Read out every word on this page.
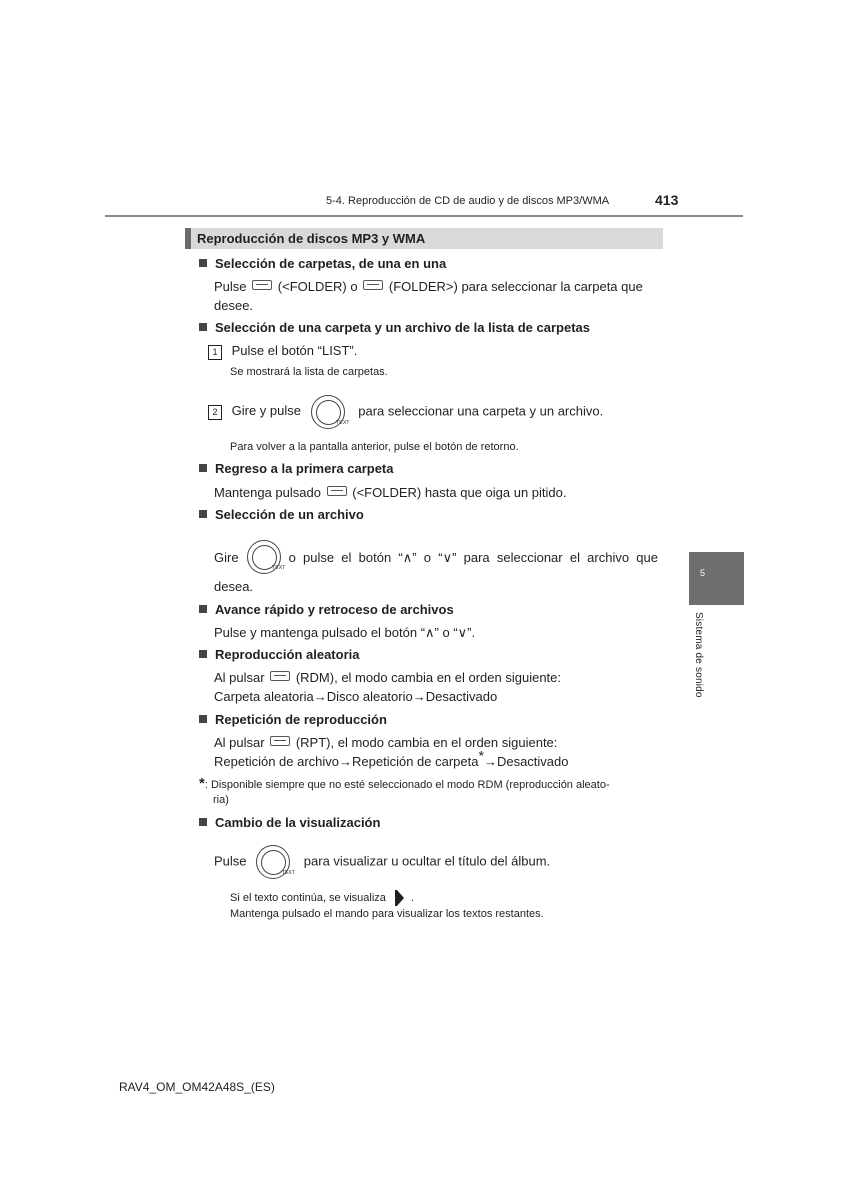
5-4. Reproducción de CD de audio y de discos MP3/WMA	413
Reproducción de discos MP3 y WMA
Selección de carpetas, de una en una
Pulse (<FOLDER) o (FOLDER>) para seleccionar la carpeta que
desee.
Selección de una carpeta y un archivo de la lista de carpetas
1 Pulse el botón “LIST”.
Se mostrará la lista de carpetas.
2 Gire y pulse
TEXT
para seleccionar una carpeta y un archivo.
Para volver a la pantalla anterior, pulse el botón de retorno.
Regreso a la primera carpeta
Mantenga pulsado (<FOLDER) hasta que oiga un pitido.
Selección de un archivo
Gire
TEXT
o pulse el botón “∧” o “∨” para seleccionar el archivo que
desea.
Avance rápido y retroceso de archivos
Pulse y mantenga pulsado el botón “∧” o “∨”.
Reproducción aleatoria
Al pulsar (RDM), el modo cambia en el orden siguiente:
Carpeta aleatoria→Disco aleatorio→Desactivado
Repetición de reproducción
Al pulsar (RPT), el modo cambia en el orden siguiente:
Repetición de archivo→Repetición de carpeta*→Desactivado
*: Disponible siempre que no esté seleccionado el modo RDM (reproducción aleato-
ria)
Cambio de la visualización
Pulse
TEXT
para visualizar u ocultar el título del álbum.
Si el texto continúa, se visualiza .
Mantenga pulsado el mando para visualizar los textos restantes.
5
Sistema de sonido
RAV4_OM_OM42A48S_(ES)
